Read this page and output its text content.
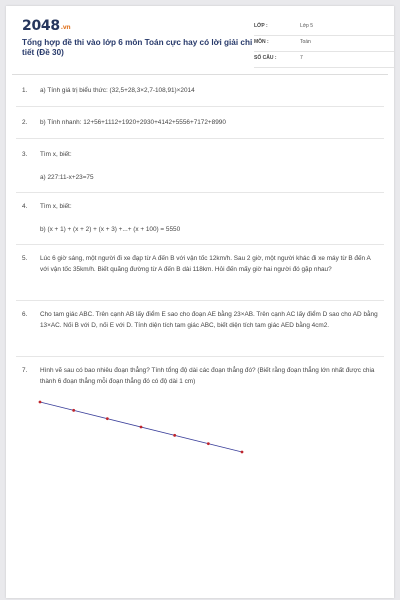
2048.vn
Tổng hợp đề thi vào lớp 6 môn Toán cực hay có lời giải chi tiết (Đề 30)
LỚP :	Lớp 5
MÔN :	Toán
SỐ CÂU :	7
1. a) Tính giá trị biểu thức: (32,5+28,3×2,7-108,91)×2014
2. b) Tính nhanh: 12+56+1112+1920+2930+4142+5556+7172+8990
3. Tìm x, biết:
a) 227:11-x+23=75
4. Tìm x, biết:
b) (x + 1) + (x + 2) + (x + 3) +...+ (x + 100) = 5550
5. Lúc 6 giờ sáng, một người đi xe đạp từ A đến B với vận tốc 12km/h. Sau 2 giờ, một người khác đi xe máy từ B đến A với vận tốc 35km/h. Biết quãng đường từ A đến B dài 118km. Hỏi đến mấy giờ hai người đó gặp nhau?
6. Cho tam giác ABC. Trên cạnh AB lấy điểm E sao cho đoạn AE bằng 23×AB. Trên cạnh AC lấy điểm D sao cho AD bằng 13×AC. Nối B với D, nối E với D. Tính diện tích tam giác ABC, biết diện tích tam giác AED bằng 4cm2.
7. Hình vẽ sau có bao nhiêu đoạn thẳng? Tính tổng độ dài các đoạn thẳng đó? (Biết rằng đoạn thẳng lớn nhất được chia thành 6 đoạn thẳng mỗi đoạn thẳng đó có độ dài 1 cm)
